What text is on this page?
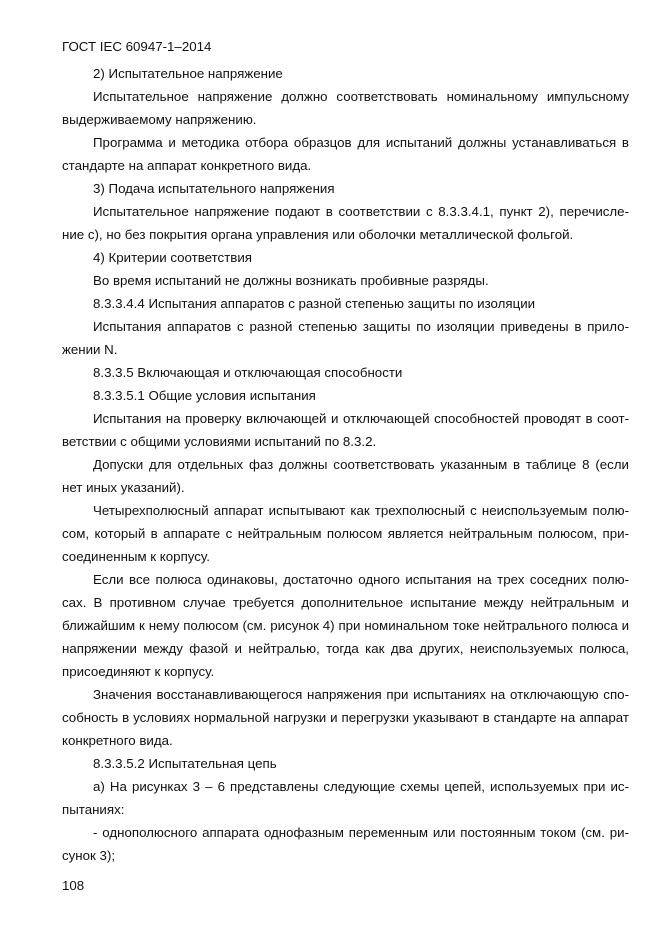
ГОСТ IEC 60947-1–2014

2) Испытательное напряжение

Испытательное напряжение должно соответствовать номинальному импульсному выдерживаемому напряжению.

Программа и методика отбора образцов для испытаний должны устанавливаться в стандарте на аппарат конкретного вида.

3) Подача испытательного напряжения

Испытательное напряжение подают в соответствии с 8.3.3.4.1, пункт 2), перечисление с), но без покрытия органа управления или оболочки металлической фольгой.

4) Критерии соответствия

Во время испытаний не должны возникать пробивные разряды.

8.3.3.4.4 Испытания аппаратов с разной степенью защиты по изоляции

Испытания аппаратов с разной степенью защиты по изоляции приведены в приложении N.

8.3.3.5 Включающая и отключающая способности

8.3.3.5.1 Общие условия испытания

Испытания на проверку включающей и отключающей способностей проводят в соответствии с общими условиями испытаний по 8.3.2.

Допуски для отдельных фаз должны соответствовать указанным в таблице 8 (если нет иных указаний).

Четырехполюсный аппарат испытывают как трехполюсный с неиспользуемым полюсом, который в аппарате с нейтральным полюсом является нейтральным полюсом, присоединенным к корпусу.

Если все полюса одинаковы, достаточно одного испытания на трех соседних полюсах. В противном случае требуется дополнительное испытание между нейтральным и ближайшим к нему полюсом (см. рисунок 4) при номинальном токе нейтрального полюса и напряжении между фазой и нейтралью, тогда как два других, неиспользуемых полюса, присоединяют к корпусу.

Значения восстанавливающегося напряжения при испытаниях на отключающую способность в условиях нормальной нагрузки и перегрузки указывают в стандарте на аппарат конкретного вида.

8.3.3.5.2 Испытательная цепь

а) На рисунках 3 – 6 представлены следующие схемы цепей, используемых при испытаниях:

- однополюсного аппарата однофазным переменным или постоянным током (см. рисунок 3);

108
